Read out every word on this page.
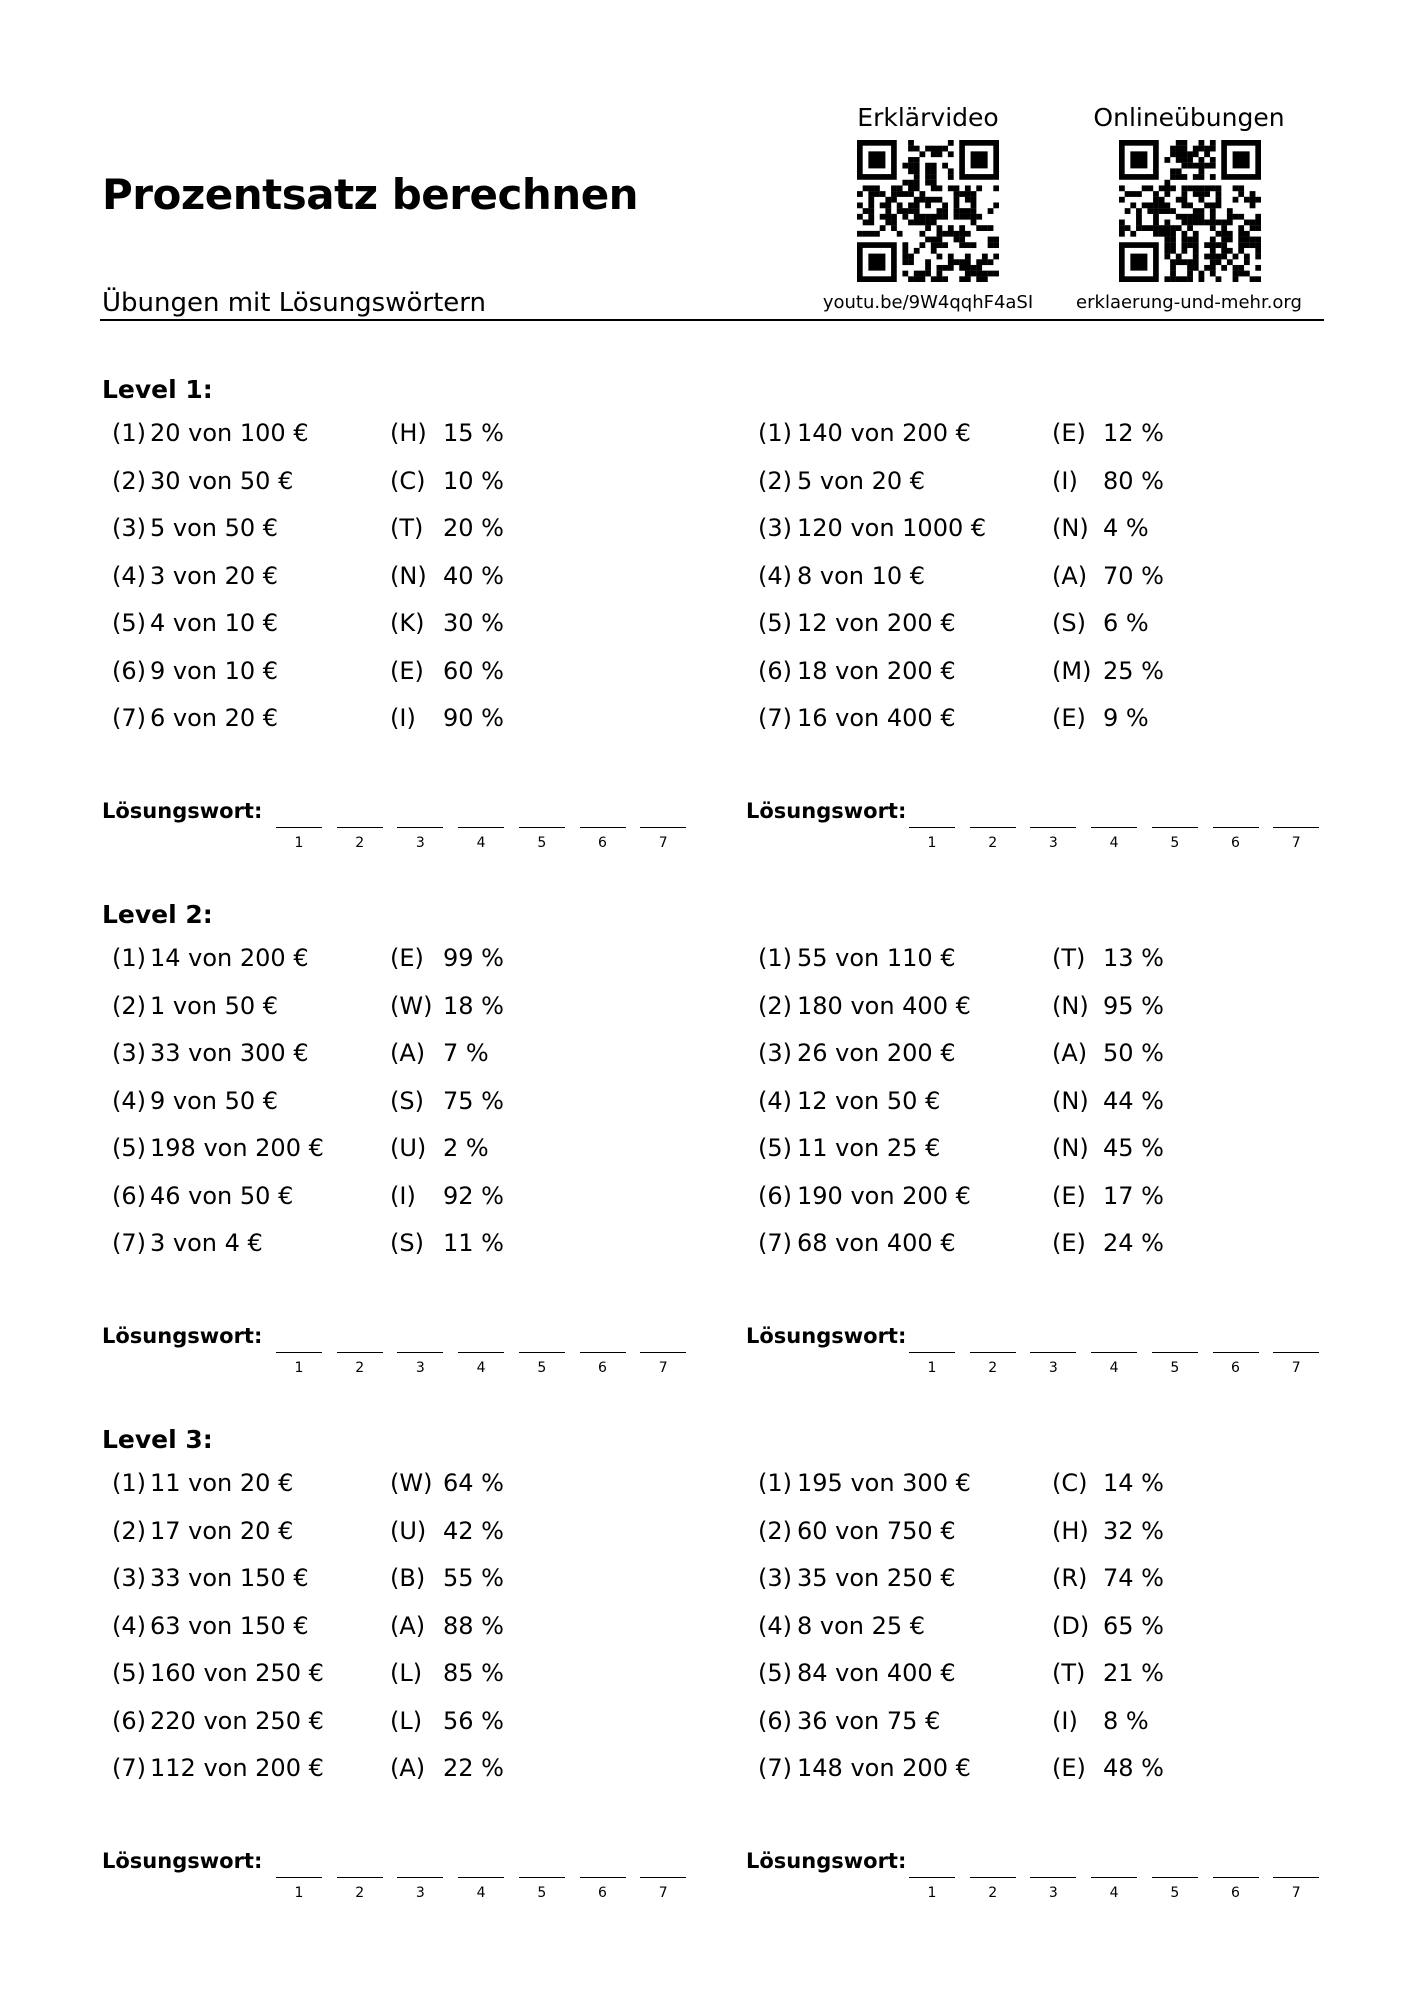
Prozentsatz berechnen
Erklärvideo	Onlineübungen
youtu.be/9W4qqhF4aSI	erklaerung-und-mehr.org
Übungen mit Lösungswörtern
Level 1:
(1) 20 von 100 €	(H) 15 %
(2) 30 von 50 €	(C) 10 %
(3) 5 von 50 €	(T) 20 %
(4) 3 von 20 €	(N) 40 %
(5) 4 von 10 €	(K) 30 %
(6) 9 von 10 €	(E) 60 %
(7) 6 von 20 €	(I) 90 %
Lösungswort:
1	2	3	4	5	6	7
(1) 140 von 200 €	(E) 12 %
(2) 5 von 20 €	(I) 80 %
(3) 120 von 1000 €	(N) 4 %
(4) 8 von 10 €	(A) 70 %
(5) 12 von 200 €	(S) 6 %
(6) 18 von 200 €	(M) 25 %
(7) 16 von 400 €	(E) 9 %
Lösungswort:
1	2	3	4	5	6	7
Level 2:
(1) 14 von 200 €	(E) 99 %
(2) 1 von 50 €	(W) 18 %
(3) 33 von 300 €	(A) 7 %
(4) 9 von 50 €	(S) 75 %
(5) 198 von 200 €	(U) 2 %
(6) 46 von 50 €	(I) 92 %
(7) 3 von 4 €	(S) 11 %
Lösungswort:
1	2	3	4	5	6	7
(1) 55 von 110 €	(T) 13 %
(2) 180 von 400 €	(N) 95 %
(3) 26 von 200 €	(A) 50 %
(4) 12 von 50 €	(N) 44 %
(5) 11 von 25 €	(N) 45 %
(6) 190 von 200 €	(E) 17 %
(7) 68 von 400 €	(E) 24 %
Lösungswort:
1	2	3	4	5	6	7
Level 3:
(1) 11 von 20 €	(W) 64 %
(2) 17 von 20 €	(U) 42 %
(3) 33 von 150 €	(B) 55 %
(4) 63 von 150 €	(A) 88 %
(5) 160 von 250 €	(L) 85 %
(6) 220 von 250 €	(L) 56 %
(7) 112 von 200 €	(A) 22 %
Lösungswort:
1	2	3	4	5	6	7
(1) 195 von 300 €	(C) 14 %
(2) 60 von 750 €	(H) 32 %
(3) 35 von 250 €	(R) 74 %
(4) 8 von 25 €	(D) 65 %
(5) 84 von 400 €	(T) 21 %
(6) 36 von 75 €	(I) 8 %
(7) 148 von 200 €	(E) 48 %
Lösungswort:
1	2	3	4	5	6	7
